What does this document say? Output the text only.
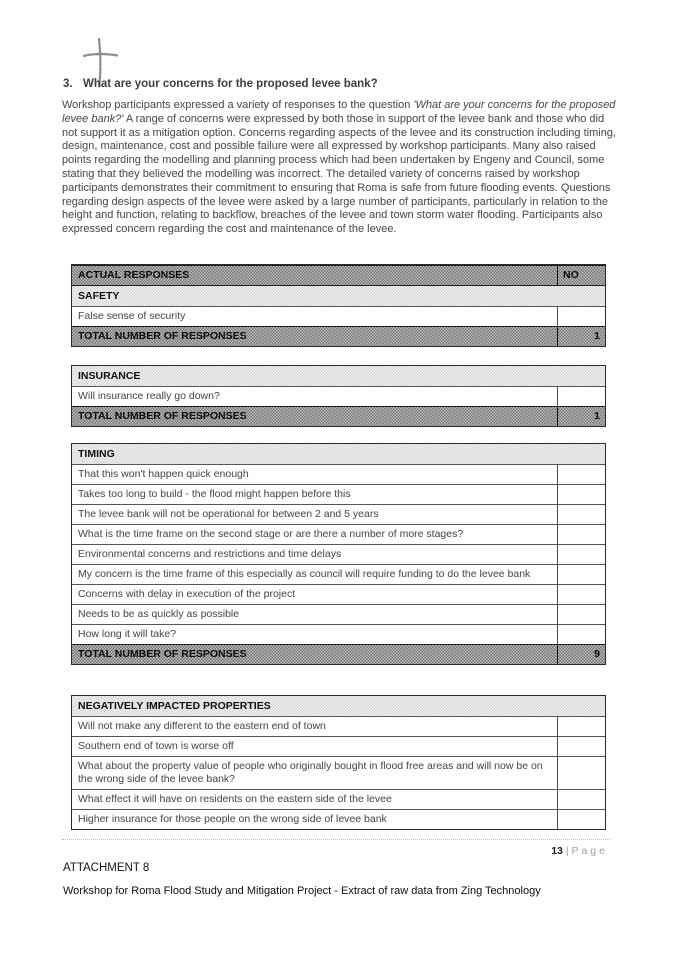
3. What are your concerns for the proposed levee bank?
Workshop participants expressed a variety of responses to the question 'What are your concerns for the proposed levee bank?' A range of concerns were expressed by both those in support of the levee bank and those who did not support it as a mitigation option. Concerns regarding aspects of the levee and its construction including timing, design, maintenance, cost and possible failure were all expressed by workshop participants. Many also raised points regarding the modelling and planning process which had been undertaken by Engeny and Council, some stating that they believed the modelling was incorrect. The detailed variety of concerns raised by workshop participants demonstrates their commitment to ensuring that Roma is safe from future flooding events. Questions regarding design aspects of the levee were asked by a large number of participants, particularly in relation to the height and function, relating to backflow, breaches of the levee and town storm water flooding. Participants also expressed concern regarding the cost and maintenance of the levee.
ACTUAL RESPONSES	NO
SAFETY
False sense of security
TOTAL NUMBER OF RESPONSES	1
INSURANCE
Will insurance really go down?
TOTAL NUMBER OF RESPONSES	1
TIMING
That this won't happen quick enough
Takes too long to build - the flood might happen before this
The levee bank will not be operational for between 2 and 5 years
What is the time frame on the second stage or are there a number of more stages?
Environmental concerns and restrictions and time delays
My concern is the time frame of this especially as council will require funding to do the levee bank
Concerns with delay in execution of the project
Needs to be as quickly as possible
How long it will take?
TOTAL NUMBER OF RESPONSES	9
NEGATIVELY IMPACTED PROPERTIES
Will not make any different to the eastern end of town
Southern end of town is worse off
What about the property value of people who originally bought in flood free areas and will now be on the wrong side of the levee bank?
What effect it will have on residents on the eastern side of the levee
Higher insurance for those people on the wrong side of levee bank
13 | Page
ATTACHMENT 8
Workshop for Roma Flood Study and Mitigation Project - Extract of raw data from Zing Technology
